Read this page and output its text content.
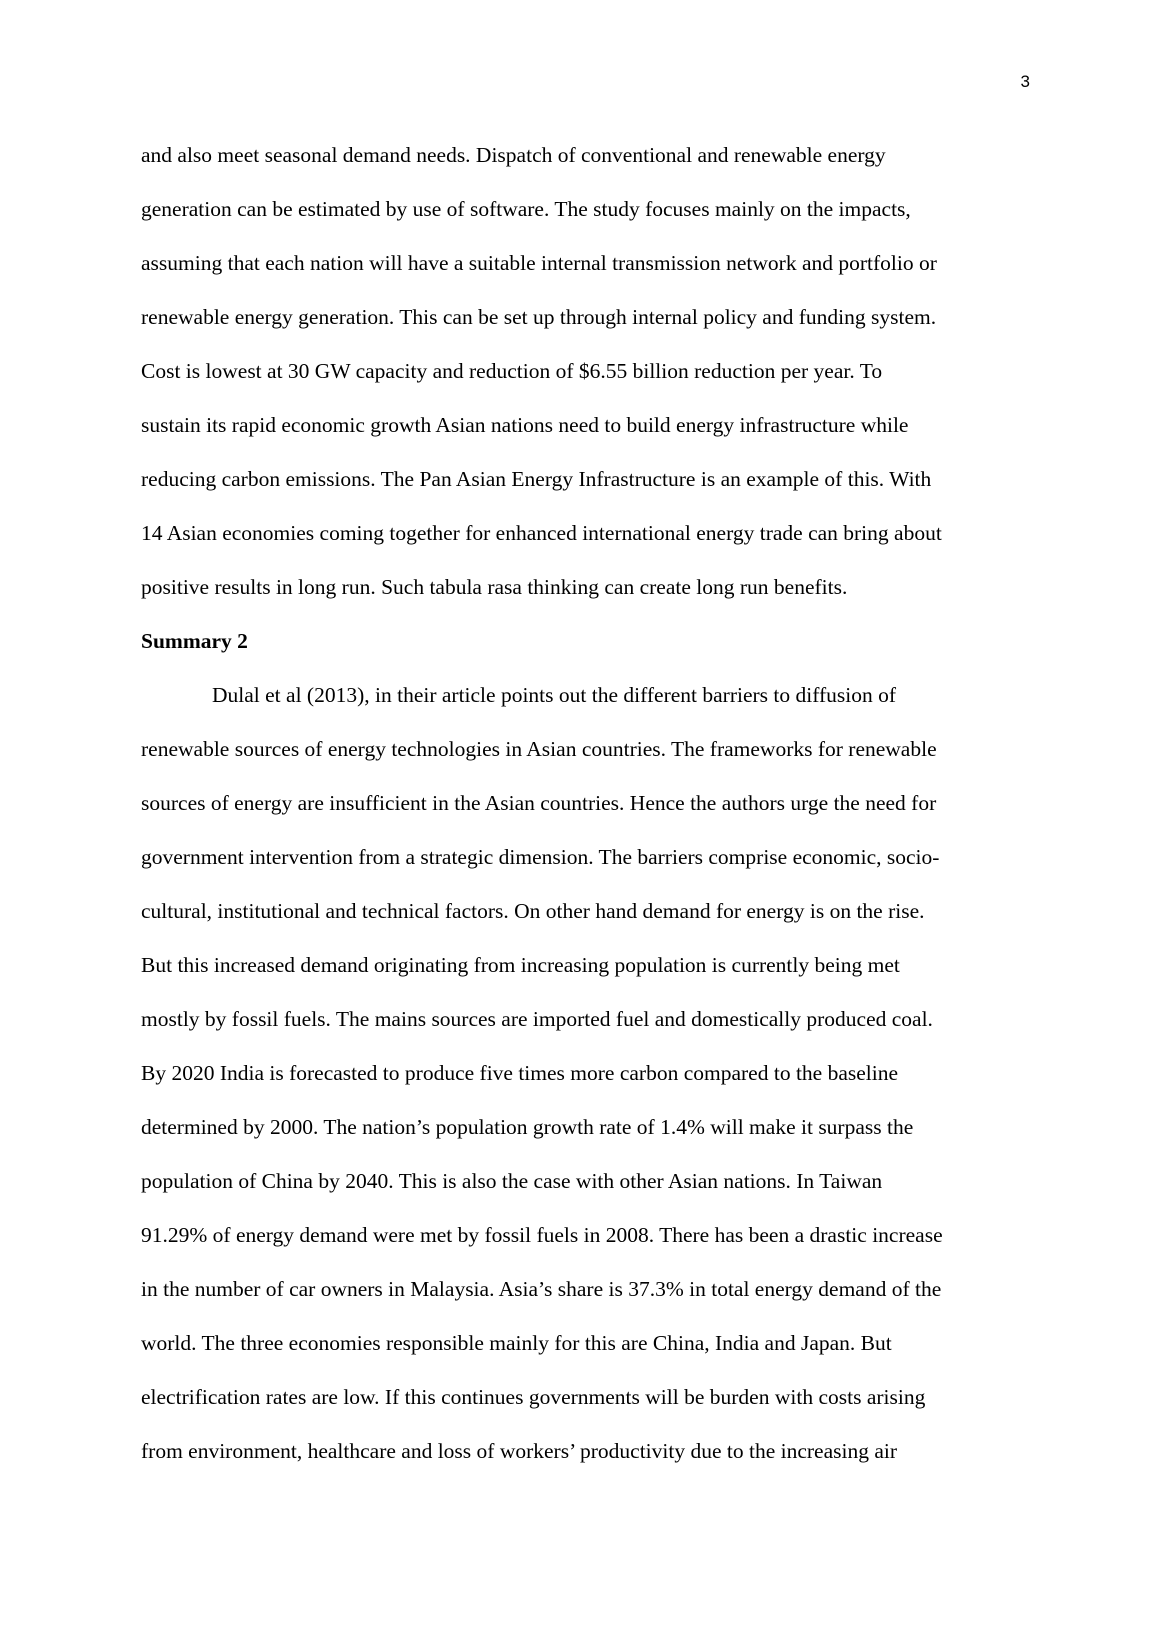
3
and also meet seasonal demand needs. Dispatch of conventional and renewable energy
generation can be estimated by use of software. The study focuses mainly on the impacts,
assuming that each nation will have a suitable internal transmission network and portfolio or
renewable energy generation. This can be set up through internal policy and funding system.
Cost is lowest at 30 GW capacity and reduction of $6.55 billion reduction per year. To
sustain its rapid economic growth Asian nations need to build energy infrastructure while
reducing carbon emissions. The Pan Asian Energy Infrastructure is an example of this. With
14 Asian economies coming together for enhanced international energy trade can bring about
positive results in long run. Such tabula rasa thinking can create long run benefits.
Summary 2
Dulal et al (2013), in their article points out the different barriers to diffusion of
renewable sources of energy technologies in Asian countries. The frameworks for renewable
sources of energy are insufficient in the Asian countries. Hence the authors urge the need for
government intervention from a strategic dimension. The barriers comprise economic, socio-
cultural, institutional and technical factors. On other hand demand for energy is on the rise.
But this increased demand originating from increasing population is currently being met
mostly by fossil fuels. The mains sources are imported fuel and domestically produced coal.
By 2020 India is forecasted to produce five times more carbon compared to the baseline
determined by 2000. The nation’s population growth rate of 1.4% will make it surpass the
population of China by 2040. This is also the case with other Asian nations. In Taiwan
91.29% of energy demand were met by fossil fuels in 2008. There has been a drastic increase
in the number of car owners in Malaysia. Asia’s share is 37.3% in total energy demand of the
world. The three economies responsible mainly for this are China, India and Japan. But
electrification rates are low. If this continues governments will be burden with costs arising
from environment, healthcare and loss of workers’ productivity due to the increasing air
